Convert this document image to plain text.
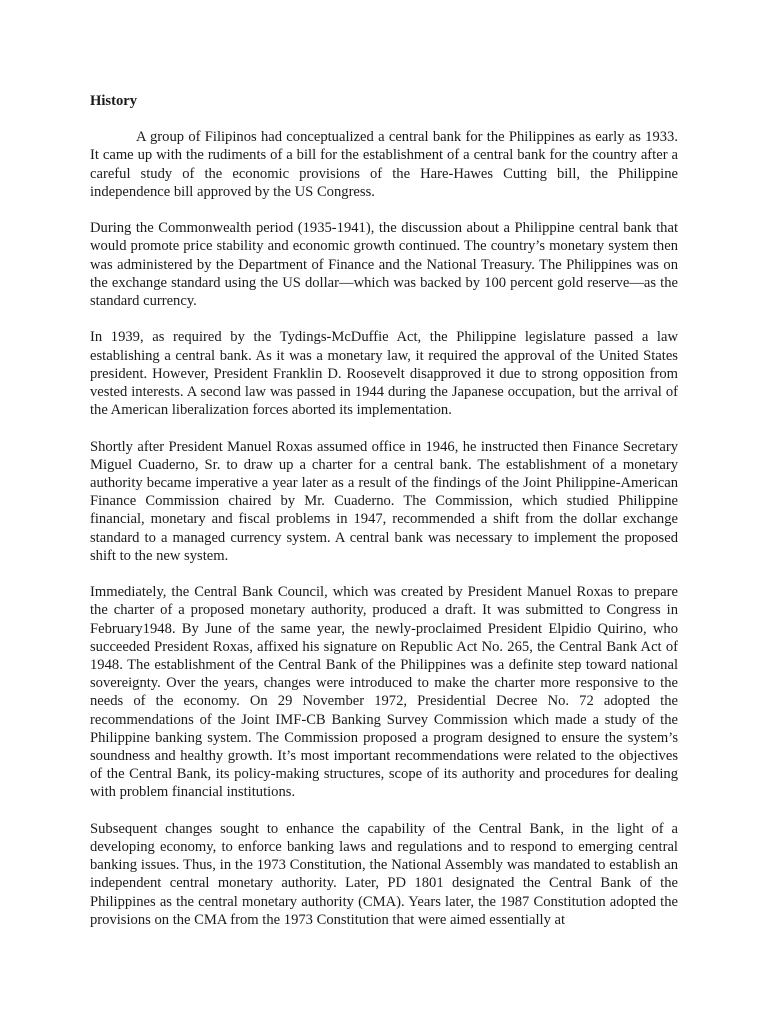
History

A group of Filipinos had conceptualized a central bank for the Philippines as early as 1933. It came up with the rudiments of a bill for the establishment of a central bank for the country after a careful study of the economic provisions of the Hare-Hawes Cutting bill, the Philippine independence bill approved by the US Congress.

During the Commonwealth period (1935-1941), the discussion about a Philippine central bank that would promote price stability and economic growth continued. The country’s monetary system then was administered by the Department of Finance and the National Treasury. The Philippines was on the exchange standard using the US dollar—which was backed by 100 percent gold reserve—as the standard currency.

In 1939, as required by the Tydings-McDuffie Act, the Philippine legislature passed a law establishing a central bank. As it was a monetary law, it required the approval of the United States president. However, President Franklin D. Roosevelt disapproved it due to strong opposition from vested interests. A second law was passed in 1944 during the Japanese occupation, but the arrival of the American liberalization forces aborted its implementation.

Shortly after President Manuel Roxas assumed office in 1946, he instructed then Finance Secretary Miguel Cuaderno, Sr. to draw up a charter for a central bank. The establishment of a monetary authority became imperative a year later as a result of the findings of the Joint Philippine-American Finance Commission chaired by Mr. Cuaderno. The Commission, which studied Philippine financial, monetary and fiscal problems in 1947, recommended a shift from the dollar exchange standard to a managed currency system. A central bank was necessary to implement the proposed shift to the new system.

Immediately, the Central Bank Council, which was created by President Manuel Roxas to prepare the charter of a proposed monetary authority, produced a draft. It was submitted to Congress in February1948. By June of the same year, the newly-proclaimed President Elpidio Quirino, who succeeded President Roxas, affixed his signature on Republic Act No. 265, the Central Bank Act of 1948. The establishment of the Central Bank of the Philippines was a definite step toward national sovereignty. Over the years, changes were introduced to make the charter more responsive to the needs of the economy. On 29 November 1972, Presidential Decree No. 72 adopted the recommendations of the Joint IMF-CB Banking Survey Commission which made a study of the Philippine banking system. The Commission proposed a program designed to ensure the system’s soundness and healthy growth. It’s most important recommendations were related to the objectives of the Central Bank, its policy-making structures, scope of its authority and procedures for dealing with problem financial institutions.

Subsequent changes sought to enhance the capability of the Central Bank, in the light of a developing economy, to enforce banking laws and regulations and to respond to emerging central banking issues. Thus, in the 1973 Constitution, the National Assembly was mandated to establish an independent central monetary authority. Later, PD 1801 designated the Central Bank of the Philippines as the central monetary authority (CMA). Years later, the 1987 Constitution adopted the provisions on the CMA from the 1973 Constitution that were aimed essentially at
